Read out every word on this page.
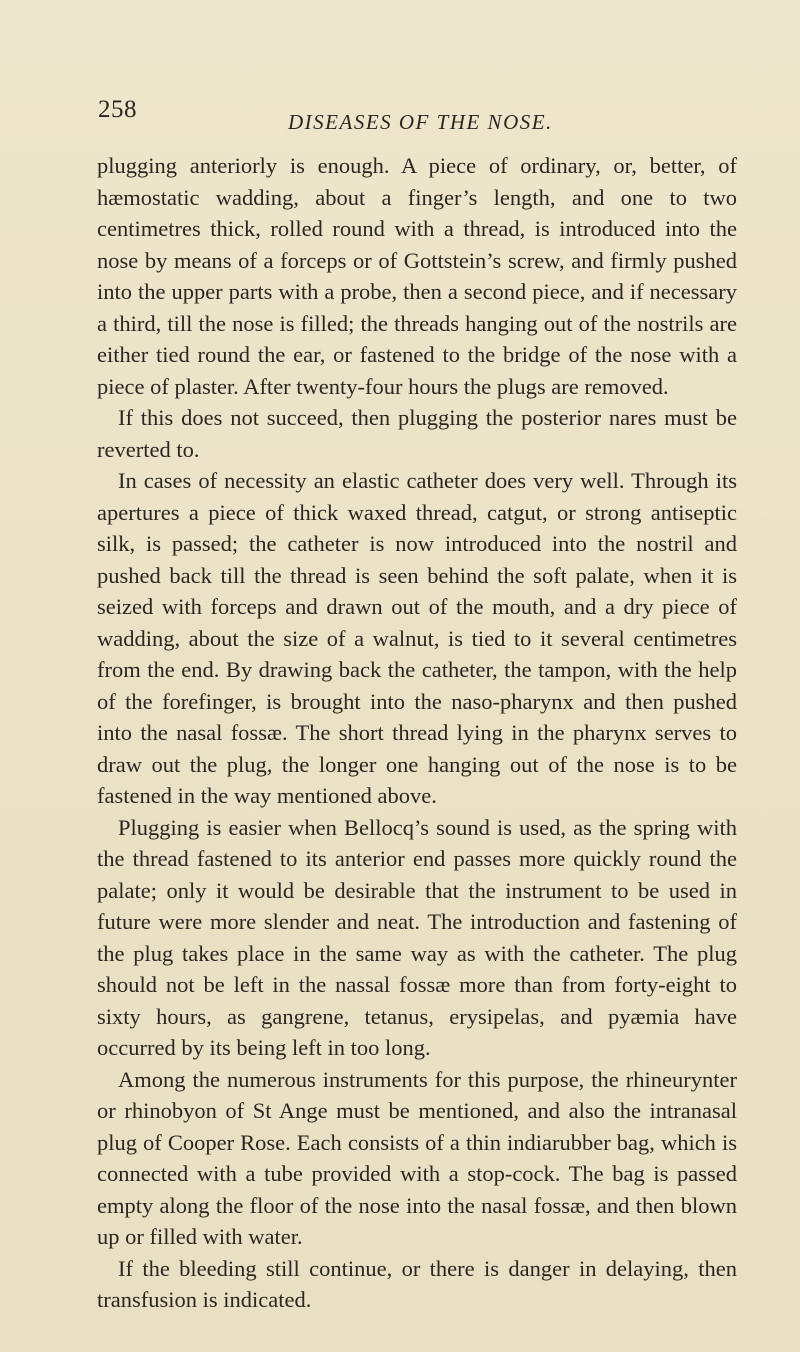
258	DISEASES OF THE NOSE.

plugging anteriorly is enough. A piece of ordinary, or, better, of hæmostatic wadding, about a finger’s length, and one to two centimetres thick, rolled round with a thread, is introduced into the nose by means of a forceps or of Gottstein’s screw, and firmly pushed into the upper parts with a probe, then a second piece, and if necessary a third, till the nose is filled; the threads hanging out of the nostrils are either tied round the ear, or fastened to the bridge of the nose with a piece of plaster. After twenty-four hours the plugs are removed.

If this does not succeed, then plugging the posterior nares must be reverted to.

In cases of necessity an elastic catheter does very well. Through its apertures a piece of thick waxed thread, catgut, or strong antiseptic silk, is passed; the catheter is now introduced into the nostril and pushed back till the thread is seen behind the soft palate, when it is seized with forceps and drawn out of the mouth, and a dry piece of wadding, about the size of a walnut, is tied to it several centimetres from the end. By drawing back the catheter, the tampon, with the help of the forefinger, is brought into the naso-pharynx and then pushed into the nasal fossæ. The short thread lying in the pharynx serves to draw out the plug, the longer one hanging out of the nose is to be fastened in the way mentioned above.

Plugging is easier when Bellocq’s sound is used, as the spring with the thread fastened to its anterior end passes more quickly round the palate; only it would be desirable that the instrument to be used in future were more slender and neat. The introduction and fastening of the plug takes place in the same way as with the catheter. The plug should not be left in the nassal fossæ more than from forty-eight to sixty hours, as gangrene, tetanus, erysipelas, and pyæmia have occurred by its being left in too long.

Among the numerous instruments for this purpose, the rhineurynter or rhinobyon of St Ange must be mentioned, and also the intranasal plug of Cooper Rose. Each consists of a thin indiarubber bag, which is connected with a tube provided with a stop-cock. The bag is passed empty along the floor of the nose into the nasal fossæ, and then blown up or filled with water.

If the bleeding still continue, or there is danger in delaying, then transfusion is indicated.
